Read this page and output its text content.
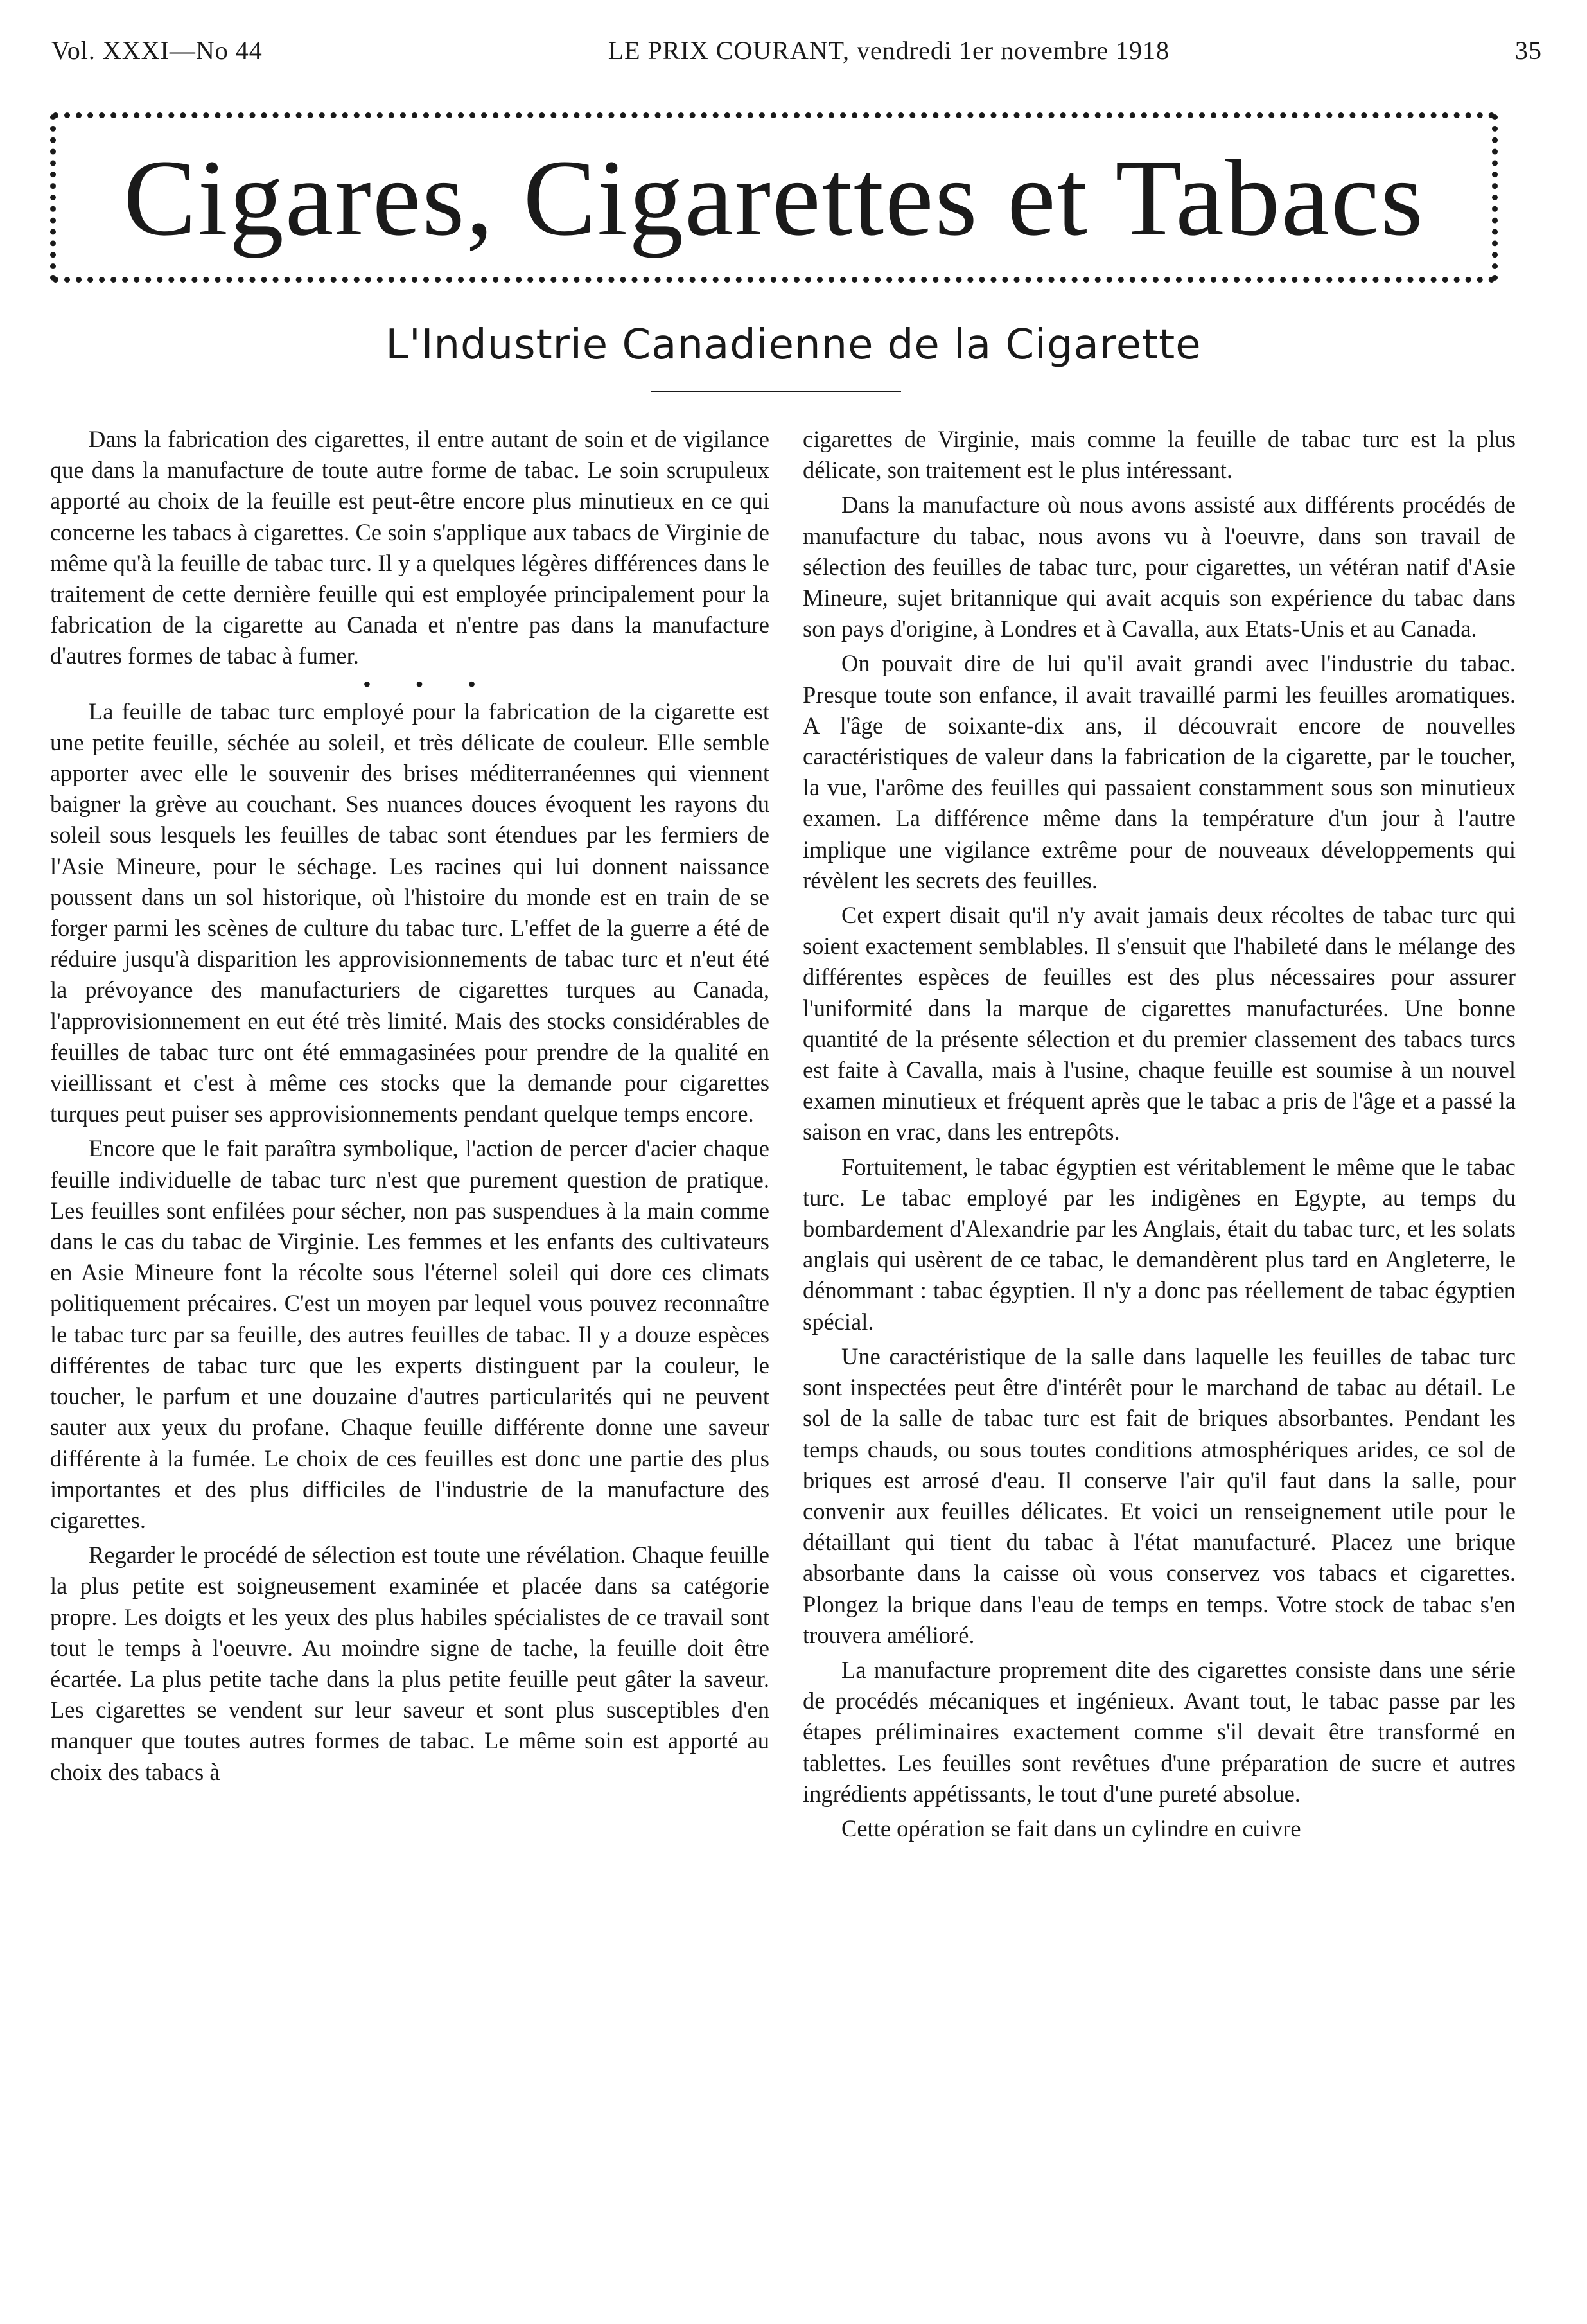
Vol. XXXI—No 44	LE PRIX COURANT, vendredi 1er novembre 1918	35
Cigares, Cigarettes et Tabacs
L'Industrie Canadienne de la Cigarette

Dans la fabrication des cigarettes, il entre autant de soin et de vigilance que dans la manufacture de toute autre forme de tabac. Le soin scrupuleux apporté au choix de la feuille est peut-être encore plus minutieux en ce qui concerne les tabacs à cigarettes. Ce soin s'applique aux tabacs de Virginie de même qu'à la feuille de tabac turc. Il y a quelques légères différences dans le traitement de cette dernière feuille qui est employée principalement pour la fabrication de la cigarette au Canada et n'entre pas dans la manufacture d'autres formes de tabac à fumer.

• • •

La feuille de tabac turc employé pour la fabrication de la cigarette est une petite feuille, séchée au soleil, et très délicate de couleur. Elle semble apporter avec elle le souvenir des brises méditerranéennes qui viennent baigner la grève au couchant. Ses nuances douces évoquent les rayons du soleil sous lesquels les feuilles de tabac sont étendues par les fermiers de l'Asie Mineure, pour le séchage. Les racines qui lui donnent naissance poussent dans un sol historique, où l'histoire du monde est en train de se forger parmi les scènes de culture du tabac turc. L'effet de la guerre a été de réduire jusqu'à disparition les approvisionnements de tabac turc et n'eut été la prévoyance des manufacturiers de cigarettes turques au Canada, l'approvisionnement en eut été très limité. Mais des stocks considérables de feuilles de tabac turc ont été emmagasinées pour prendre de la qualité en vieillissant et c'est à même ces stocks que la demande pour cigarettes turques peut puiser ses approvisionnements pendant quelque temps encore.

Encore que le fait paraîtra symbolique, l'action de percer d'acier chaque feuille individuelle de tabac turc n'est que purement question de pratique. Les feuilles sont enfilées pour sécher, non pas suspendues à la main comme dans le cas du tabac de Virginie. Les femmes et les enfants des cultivateurs en Asie Mineure font la récolte sous l'éternel soleil qui dore ces climats politiquement précaires. C'est un moyen par lequel vous pouvez reconnaître le tabac turc par sa feuille, des autres feuilles de tabac. Il y a douze espèces différentes de tabac turc que les experts distinguent par la couleur, le toucher, le parfum et une douzaine d'autres particularités qui ne peuvent sauter aux yeux du profane. Chaque feuille différente donne une saveur différente à la fumée. Le choix de ces feuilles est donc une partie des plus importantes et des plus difficiles de l'industrie de la manufacture des cigarettes.

Regarder le procédé de sélection est toute une révélation. Chaque feuille la plus petite est soigneusement examinée et placée dans sa catégorie propre. Les doigts et les yeux des plus habiles spécialistes de ce travail sont tout le temps à l'oeuvre. Au moindre signe de tache, la feuille doit être écartée. La plus petite tache dans la plus petite feuille peut gâter la saveur. Les cigarettes se vendent sur leur saveur et sont plus susceptibles d'en manquer que toutes autres formes de tabac. Le même soin est apporté au choix des tabacs à

cigarettes de Virginie, mais comme la feuille de tabac turc est la plus délicate, son traitement est le plus intéressant.

Dans la manufacture où nous avons assisté aux différents procédés de manufacture du tabac, nous avons vu à l'oeuvre, dans son travail de sélection des feuilles de tabac turc, pour cigarettes, un vétéran natif d'Asie Mineure, sujet britannique qui avait acquis son expérience du tabac dans son pays d'origine, à Londres et à Cavalla, aux Etats-Unis et au Canada.

On pouvait dire de lui qu'il avait grandi avec l'industrie du tabac. Presque toute son enfance, il avait travaillé parmi les feuilles aromatiques. A l'âge de soixante-dix ans, il découvrait encore de nouvelles caractéristiques de valeur dans la fabrication de la cigarette, par le toucher, la vue, l'arôme des feuilles qui passaient constamment sous son minutieux examen. La différence même dans la température d'un jour à l'autre implique une vigilance extrême pour de nouveaux développements qui révèlent les secrets des feuilles.

Cet expert disait qu'il n'y avait jamais deux récoltes de tabac turc qui soient exactement semblables. Il s'ensuit que l'habileté dans le mélange des différentes espèces de feuilles est des plus nécessaires pour assurer l'uniformité dans la marque de cigarettes manufacturées. Une bonne quantité de la présente sélection et du premier classement des tabacs turcs est faite à Cavalla, mais à l'usine, chaque feuille est soumise à un nouvel examen minutieux et fréquent après que le tabac a pris de l'âge et a passé la saison en vrac, dans les entrepôts.

Fortuitement, le tabac égyptien est véritablement le même que le tabac turc. Le tabac employé par les indigènes en Egypte, au temps du bombardement d'Alexandrie par les Anglais, était du tabac turc, et les solats anglais qui usèrent de ce tabac, le demandèrent plus tard en Angleterre, le dénommant : tabac égyptien. Il n'y a donc pas réellement de tabac égyptien spécial.

Une caractéristique de la salle dans laquelle les feuilles de tabac turc sont inspectées peut être d'intérêt pour le marchand de tabac au détail. Le sol de la salle de tabac turc est fait de briques absorbantes. Pendant les temps chauds, ou sous toutes conditions atmosphériques arides, ce sol de briques est arrosé d'eau. Il conserve l'air qu'il faut dans la salle, pour convenir aux feuilles délicates. Et voici un renseignement utile pour le détaillant qui tient du tabac à l'état manufacturé. Placez une brique absorbante dans la caisse où vous conservez vos tabacs et cigarettes. Plongez la brique dans l'eau de temps en temps. Votre stock de tabac s'en trouvera amélioré.

La manufacture proprement dite des cigarettes consiste dans une série de procédés mécaniques et ingénieux. Avant tout, le tabac passe par les étapes préliminaires exactement comme s'il devait être transformé en tablettes. Les feuilles sont revêtues d'une préparation de sucre et autres ingrédients appétissants, le tout d'une pureté absolue.

Cette opération se fait dans un cylindre en cuivre
